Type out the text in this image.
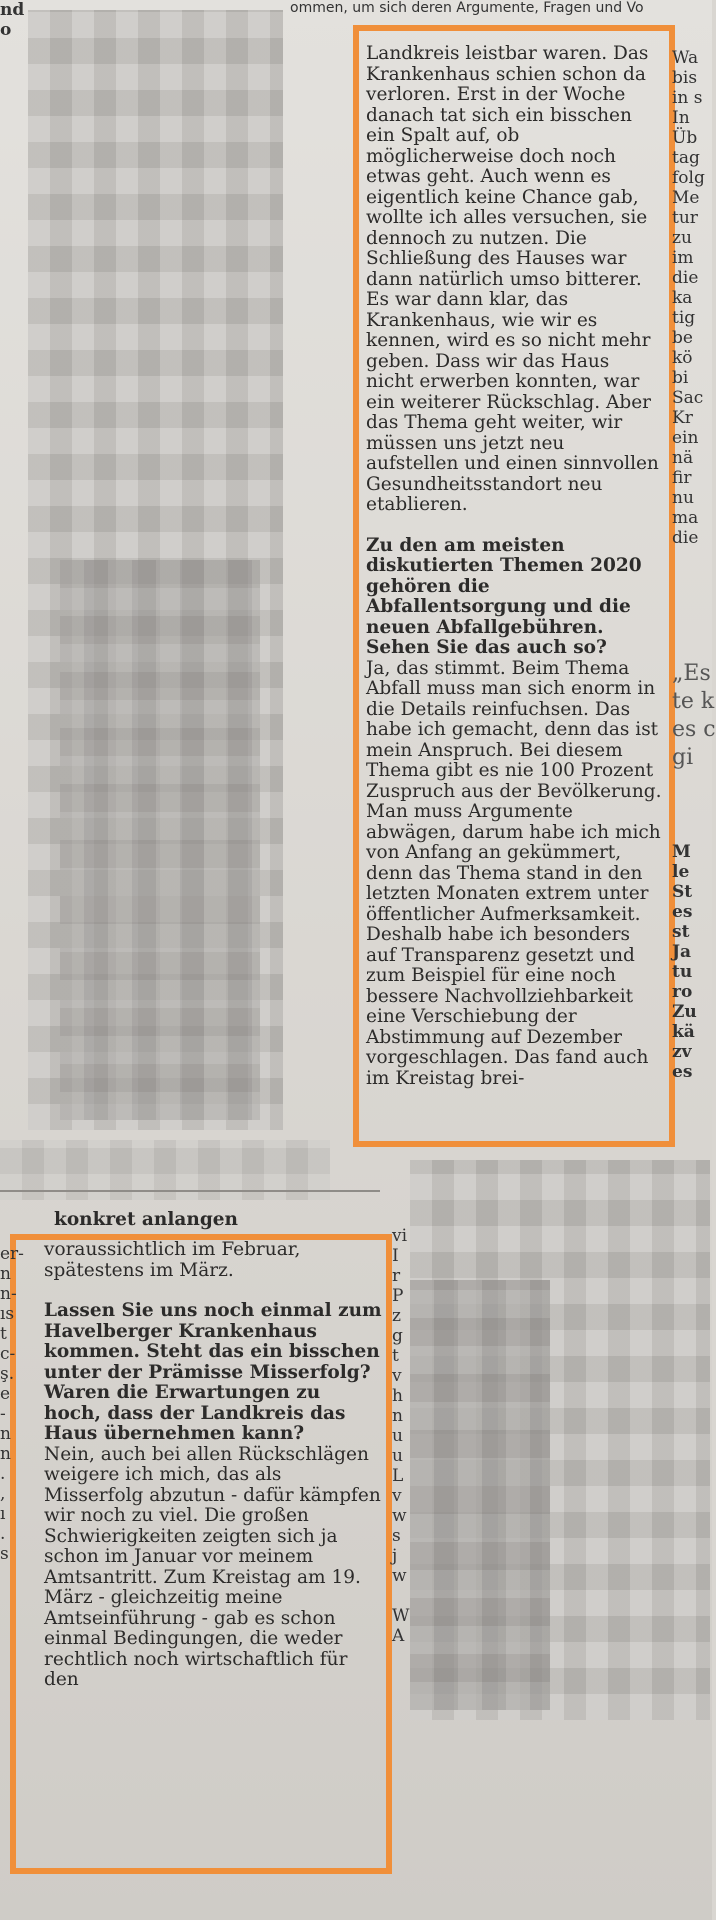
ommen, um sich deren Argumente, Fragen und Vo
nd
o

Landkreis leistbar waren. Das Krankenhaus schien schon da verloren. Erst in der Woche danach tat sich ein bisschen ein Spalt auf, ob möglicherweise doch noch etwas geht. Auch wenn es eigentlich keine Chance gab, wollte ich alles versuchen, sie dennoch zu nutzen. Die Schließung des Hauses war dann natürlich umso bitterer. Es war dann klar, das Krankenhaus, wie wir es kennen, wird es so nicht mehr geben. Dass wir das Haus nicht erwerben konnten, war ein weiterer Rückschlag. Aber das Thema geht weiter, wir müssen uns jetzt neu aufstellen und einen sinnvollen Gesundheitsstandort neu etablieren.

Zu den am meisten diskutierten Themen 2020 gehören die Abfallentsorgung und die neuen Abfallgebühren. Sehen Sie das auch so?

Ja, das stimmt. Beim Thema Abfall muss man sich enorm in die Details reinfuchsen. Das habe ich gemacht, denn das ist mein Anspruch. Bei diesem Thema gibt es nie 100 Prozent Zuspruch aus der Bevölkerung. Man muss Argumente abwägen, darum habe ich mich von Anfang an gekümmert, denn das Thema stand in den letzten Monaten extrem unter öffentlicher Aufmerksamkeit. Deshalb habe ich besonders auf Transparenz gesetzt und zum Beispiel für eine noch bessere Nachvollziehbarkeit eine Verschiebung der Abstimmung auf Dezember vorgeschlagen. Das fand auch im Kreistag brei-

Wa
bis
in s
In
Üb
tag
folg
Me
tur
zu
im
die
ka
tig
be
kö
bi
Sac
Kr
ein
nä
fir
nu
ma
die
„Es
te k
es c
gi
M
le
St
es
st
Ja
tu
ro
Zu
kä
zv
es
konkret anlangen

voraussichtlich im Februar, spätestens im März.

Lassen Sie uns noch einmal zum Havelberger Krankenhaus kommen. Steht das ein bisschen unter der Prämisse Misserfolg? Waren die Erwartungen zu hoch, dass der Landkreis das Haus übernehmen kann?

Nein, auch bei allen Rückschlägen weigere ich mich, das als Misserfolg abzutun - dafür kämpfen wir noch zu viel. Die großen Schwierigkeiten zeigten sich ja schon im Januar vor meinem Amtsantritt. Zum Kreistag am 19. März - gleichzeitig meine Amtseinführung - gab es schon einmal Bedingungen, die weder rechtlich noch wirtschaftlich für den

er-
n
n-
ıs
t
c-
ş.
e
-
n
n
.
,
ı
.
s
vi
I
r
P
z
g
t
v
h
n
u
u
L
v
w
s
j
w

W
A
